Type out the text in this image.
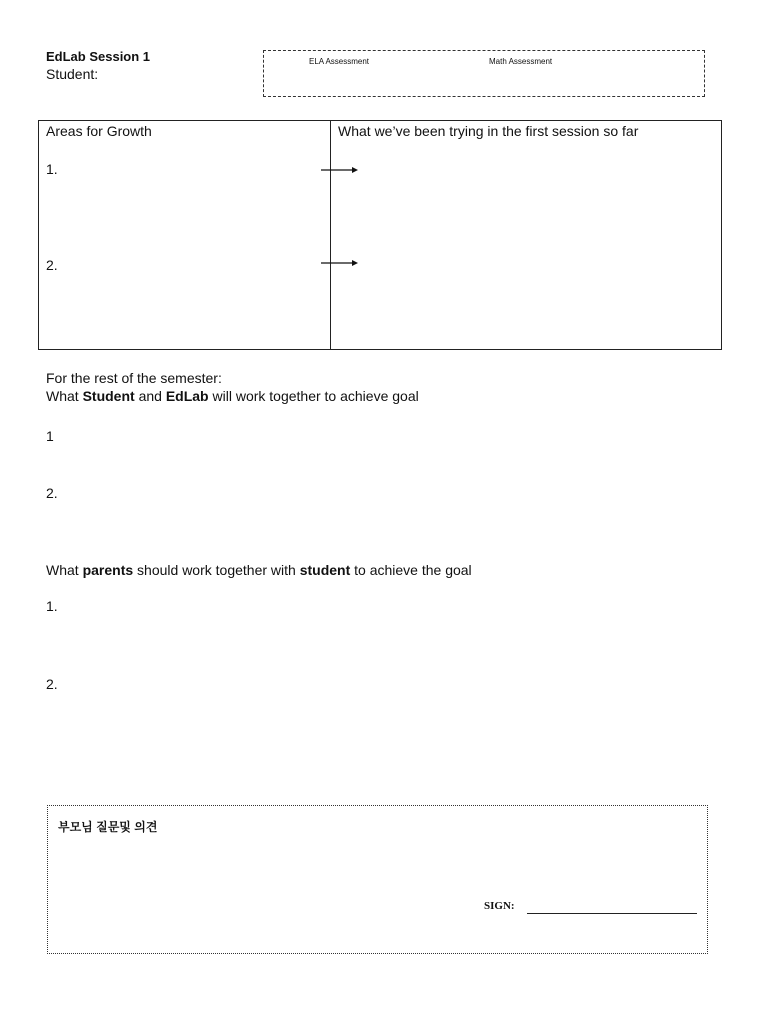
EdLab Session 1
Student:
ELA Assessment	Math Assessment
Areas for Growth	What we’ve been trying in the first session so far
1.
2.
For the rest of the semester:
What Student and EdLab will work together to achieve goal
1
2.
What parents should work together with student to achieve the goal
1.
2.
부모님 질문및 의견
SIGN:
